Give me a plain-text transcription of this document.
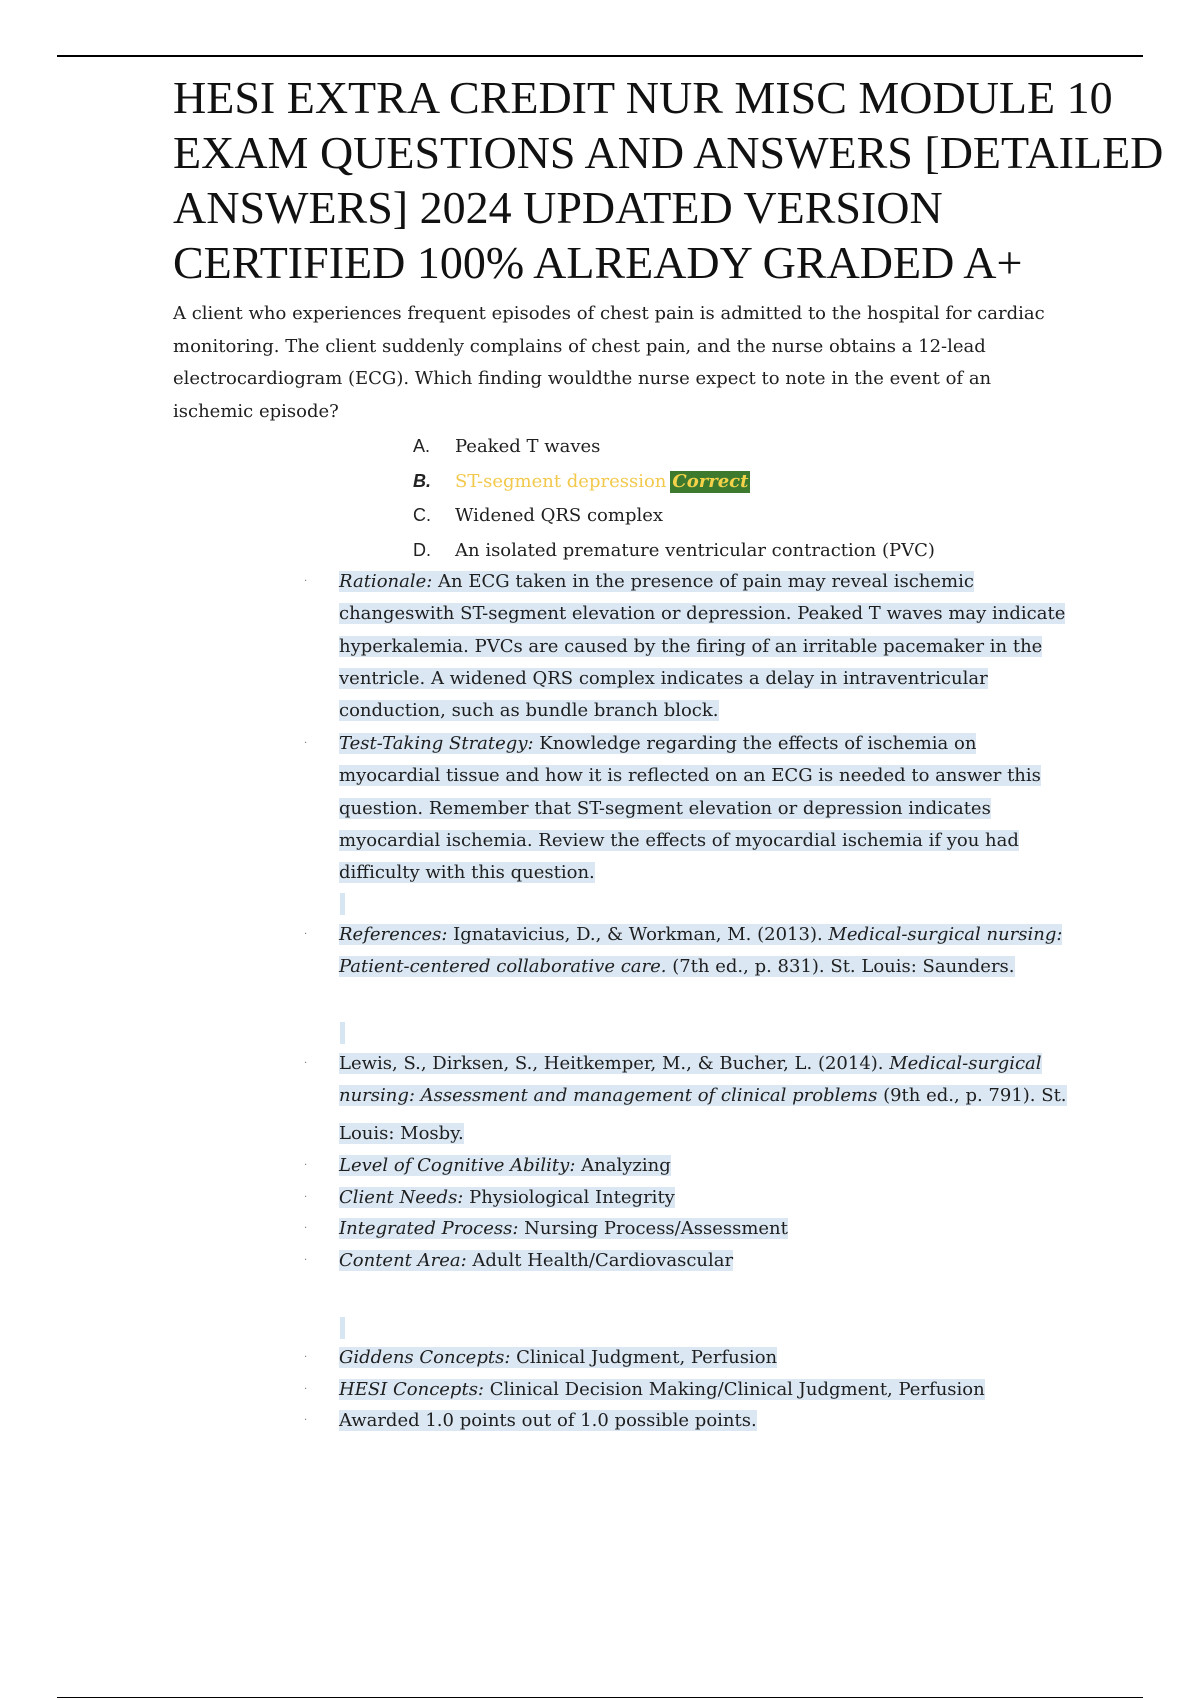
HESI EXTRA CREDIT NUR MISC MODULE 10
EXAM QUESTIONS AND ANSWERS [DETAILED
ANSWERS] 2024 UPDATED VERSION
CERTIFIED 100% ALREADY GRADED A+
A client who experiences frequent episodes of chest pain is admitted to the hospital for cardiac monitoring. The client suddenly complains of chest pain, and the nurse obtains a 12-lead electrocardiogram (ECG). Which finding wouldthe nurse expect to note in the event of an ischemic episode?
A. Peaked T waves
B. ST-segment depression Correct
C. Widened QRS complex
D. An isolated premature ventricular contraction (PVC)
·	Rationale: An ECG taken in the presence of pain may reveal ischemic changeswith ST-segment elevation or depression. Peaked T waves may indicate hyperkalemia. PVCs are caused by the firing of an irritable pacemaker in the ventricle. A widened QRS complex indicates a delay in intraventricular conduction, such as bundle branch block.
·	Test-Taking Strategy: Knowledge regarding the effects of ischemia on myocardial tissue and how it is reflected on an ECG is needed to answer this question. Remember that ST-segment elevation or depression indicates myocardial ischemia. Review the effects of myocardial ischemia if you had difficulty with this question.
·	References: Ignatavicius, D., & Workman, M. (2013). Medical-surgical nursing: Patient-centered collaborative care. (7th ed., p. 831). St. Louis: Saunders.
·	Lewis, S., Dirksen, S., Heitkemper, M., & Bucher, L. (2014). Medical-surgical nursing: Assessment and management of clinical problems (9th ed., p. 791). St.
Louis: Mosby.
·	Level of Cognitive Ability: Analyzing
·	Client Needs: Physiological Integrity
·	Integrated Process: Nursing Process/Assessment
·	Content Area: Adult Health/Cardiovascular
·	Giddens Concepts: Clinical Judgment, Perfusion
·	HESI Concepts: Clinical Decision Making/Clinical Judgment, Perfusion
·	Awarded 1.0 points out of 1.0 possible points.
